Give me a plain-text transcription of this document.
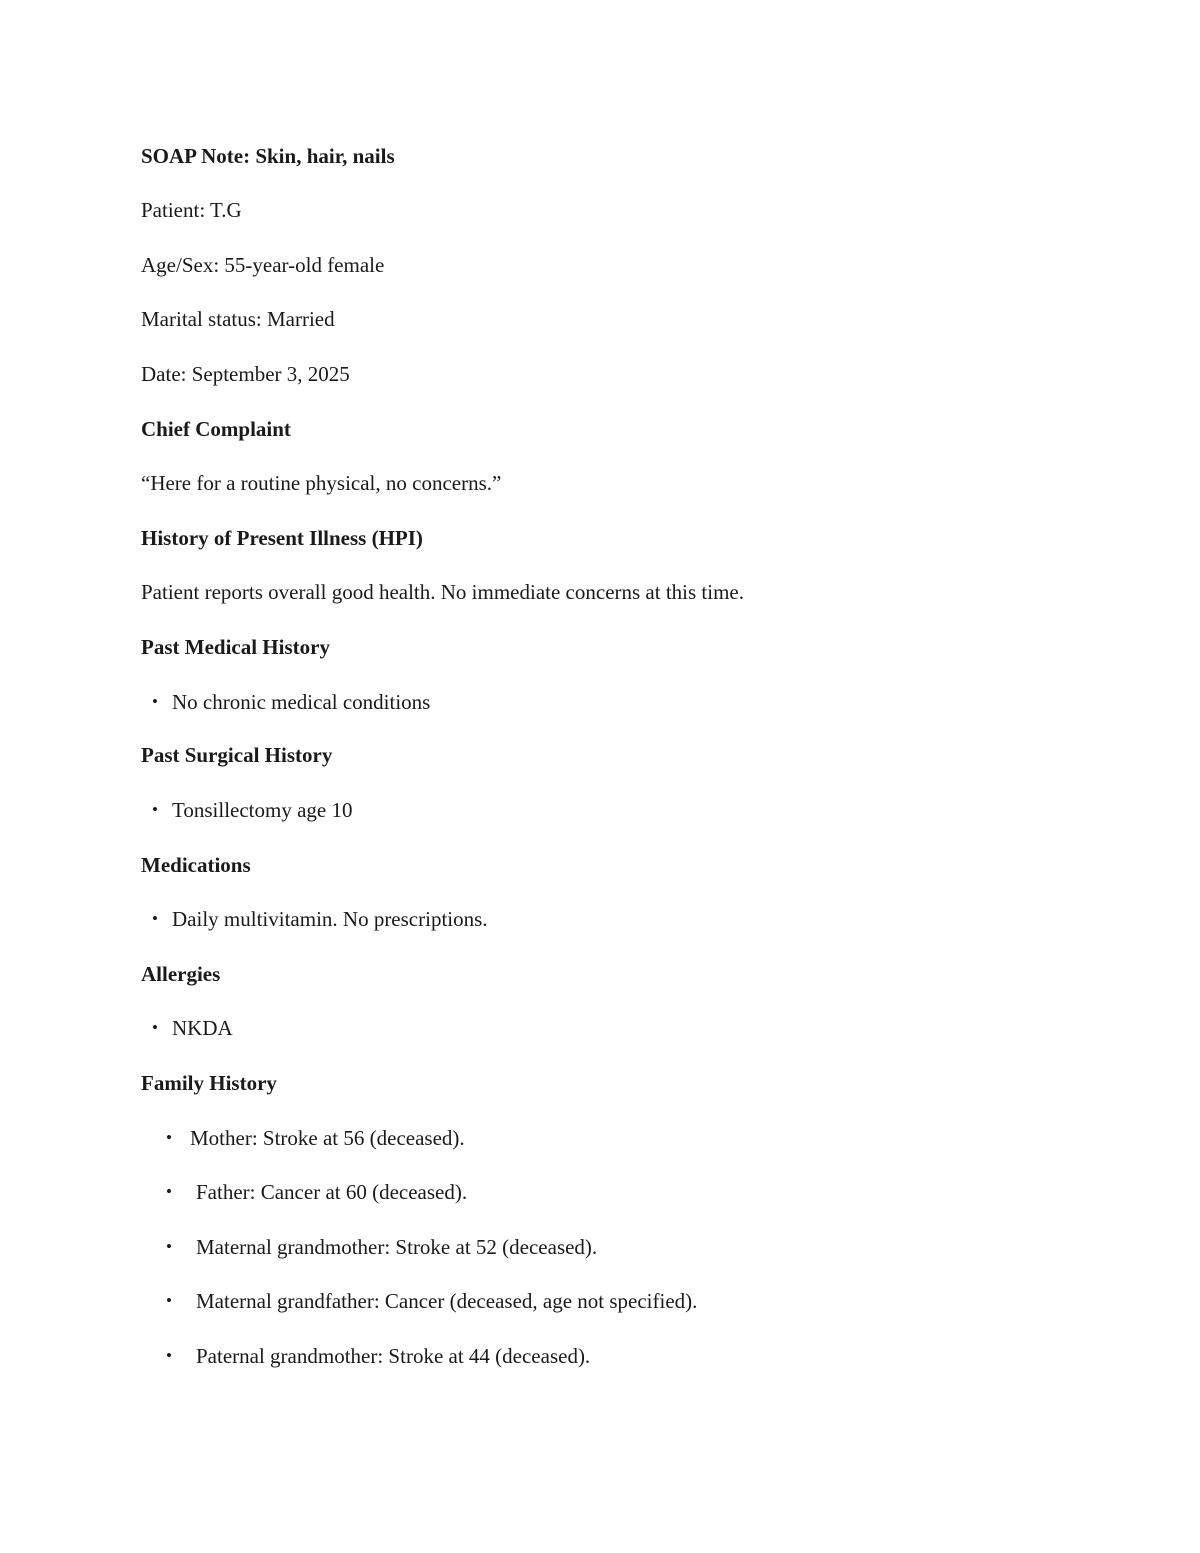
SOAP Note: Skin, hair, nails
Patient: T.G
Age/Sex: 55-year-old female
Marital status: Married
Date: September 3, 2025
Chief Complaint
“Here for a routine physical, no concerns.”
History of Present Illness (HPI)
Patient reports overall good health. No immediate concerns at this time.
Past Medical History
• No chronic medical conditions
Past Surgical History
• Tonsillectomy age 10
Medications
• Daily multivitamin. No prescriptions.
Allergies
• NKDA
Family History
• Mother: Stroke at 56 (deceased).
• Father: Cancer at 60 (deceased).
• Maternal grandmother: Stroke at 52 (deceased).
• Maternal grandfather: Cancer (deceased, age not specified).
• Paternal grandmother: Stroke at 44 (deceased).
